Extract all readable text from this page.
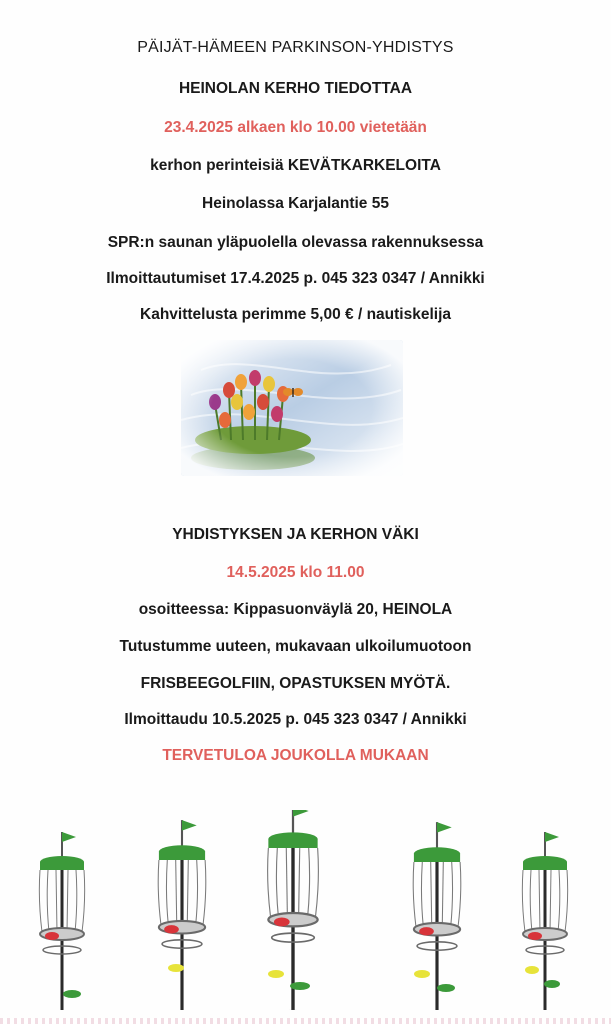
PÄIJÄT-HÄMEEN PARKINSON-YHDISTYS
HEINOLAN KERHO TIEDOTTAA
23.4.2025 alkaen klo 10.00 vietetään
kerhon perinteisiä KEVÄTKARKELOITA
Heinolassa Karjalantie 55
SPR:n saunan yläpuolella olevassa rakennuksessa
Ilmoittautumiset 17.4.2025 p. 045 323 0347 / Annikki
Kahvittelusta perimme 5,00 € / nautiskelija
YHDISTYKSEN JA KERHON VÄKI
14.5.2025 klo 11.00
osoitteessa: Kippasuonväylä 20, HEINOLA
Tutustumme uuteen, mukavaan ulkoilumuotoon
FRISBEEGOLFIIN, OPASTUKSEN MYÖTÄ.
Ilmoittaudu 10.5.2025 p. 045 323 0347 / Annikki
TERVETULOA JOUKOLLA MUKAAN
